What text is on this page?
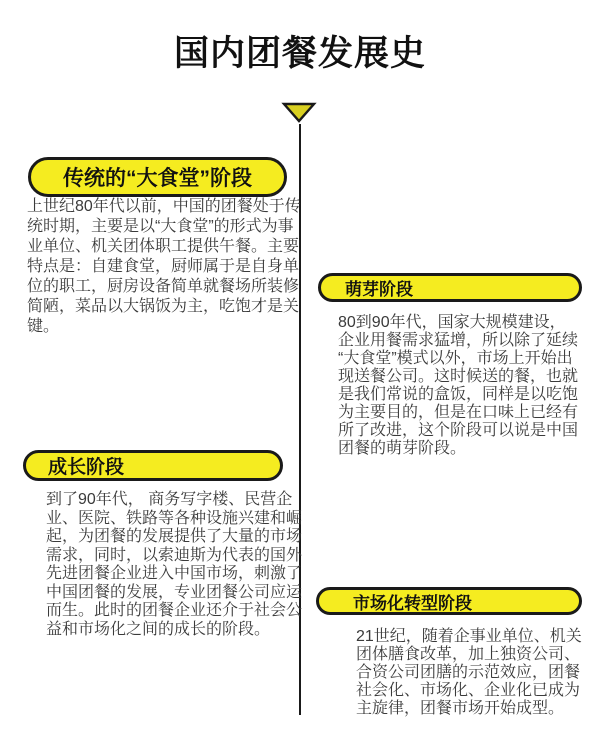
国内团餐发展史
传统的“大食堂”阶段

上世纪80年代以前，中国的团餐处于传统时期，主要是以“大食堂”的形式为事业单位、机关团体职工提供午餐。主要特点是：自建食堂，厨师属于是自身单位的职工，厨房设备简单就餐场所装修简陋，菜品以大锅饭为主，吃饱才是关键。

萌芽阶段

80到90年代，国家大规模建设，企业用餐需求猛增，所以除了延续 “大食堂”模式以外，市场上开始出现送餐公司。这时候送的餐，也就是我们常说的盒饭，同样是以吃饱为主要目的，但是在口味上已经有所了改进，这个阶段可以说是中国团餐的萌芽阶段。

成长阶段

到了90年代， 商务写字楼、民营企业、医院、铁路等各种设施兴建和崛起，为团餐的发展提供了大量的市场需求，同时，以索迪斯为代表的国外先进团餐企业进入中国市场，刺激了中国团餐的发展，专业团餐公司应运而生。此时的团餐企业还介于社会公益和市场化之间的成长的阶段。

市场化转型阶段

21世纪，随着企事业单位、机关团体膳食改革，加上独资公司、合资公司团膳的示范效应，团餐社会化、市场化、企业化已成为主旋律，团餐市场开始成型。
